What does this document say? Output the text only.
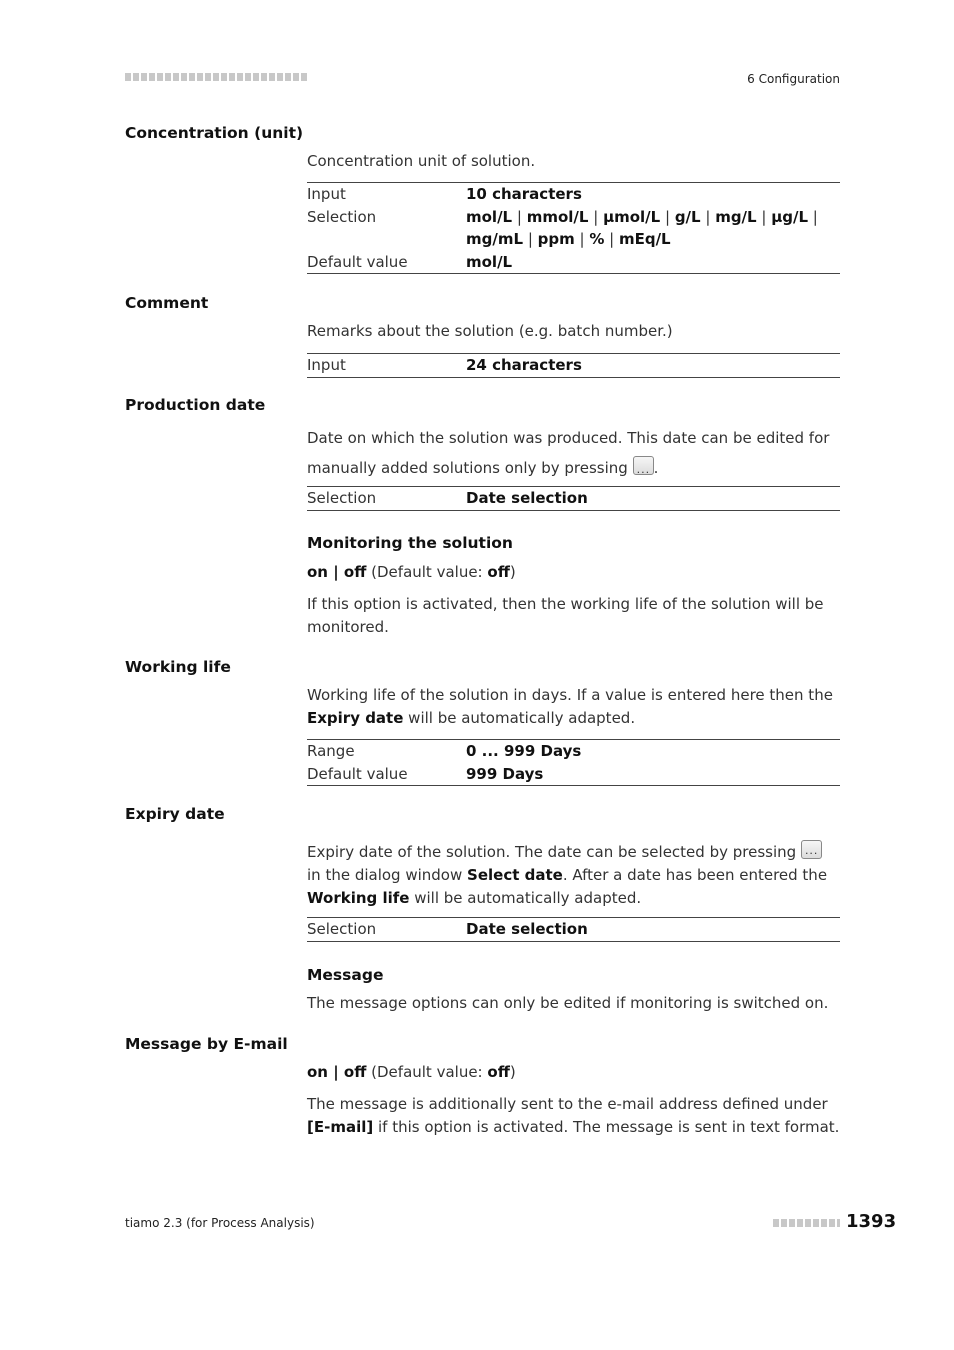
6 Configuration
Concentration (unit)
Concentration unit of solution.
Input	10 characters
Selection	mol/L | mmol/L | µmol/L | g/L | mg/L | µg/L |
mg/mL | ppm | % | mEq/L
Default value	mol/L
Comment
Remarks about the solution (e.g. batch number.)
Input	24 characters
Production date
Date on which the solution was produced. This date can be edited for
manually added solutions only by pressing ... .
Selection	Date selection
Monitoring the solution
on | off (Default value: off)
If this option is activated, then the working life of the solution will be monitored.
Working life
Working life of the solution in days. If a value is entered here then the
Expiry date will be automatically adapted.
Range	0 ... 999 Days
Default value	999 Days
Expiry date
Expiry date of the solution. The date can be selected by pressing ... in the dialog window Select date. After a date has been entered the Working life will be automatically adapted.
Selection	Date selection
Message
The message options can only be edited if monitoring is switched on.
Message by E-mail
on | off (Default value: off)
The message is additionally sent to the e-mail address defined under [E-mail] if this option is activated. The message is sent in text format.
tiamo 2.3 (for Process Analysis)	1393
